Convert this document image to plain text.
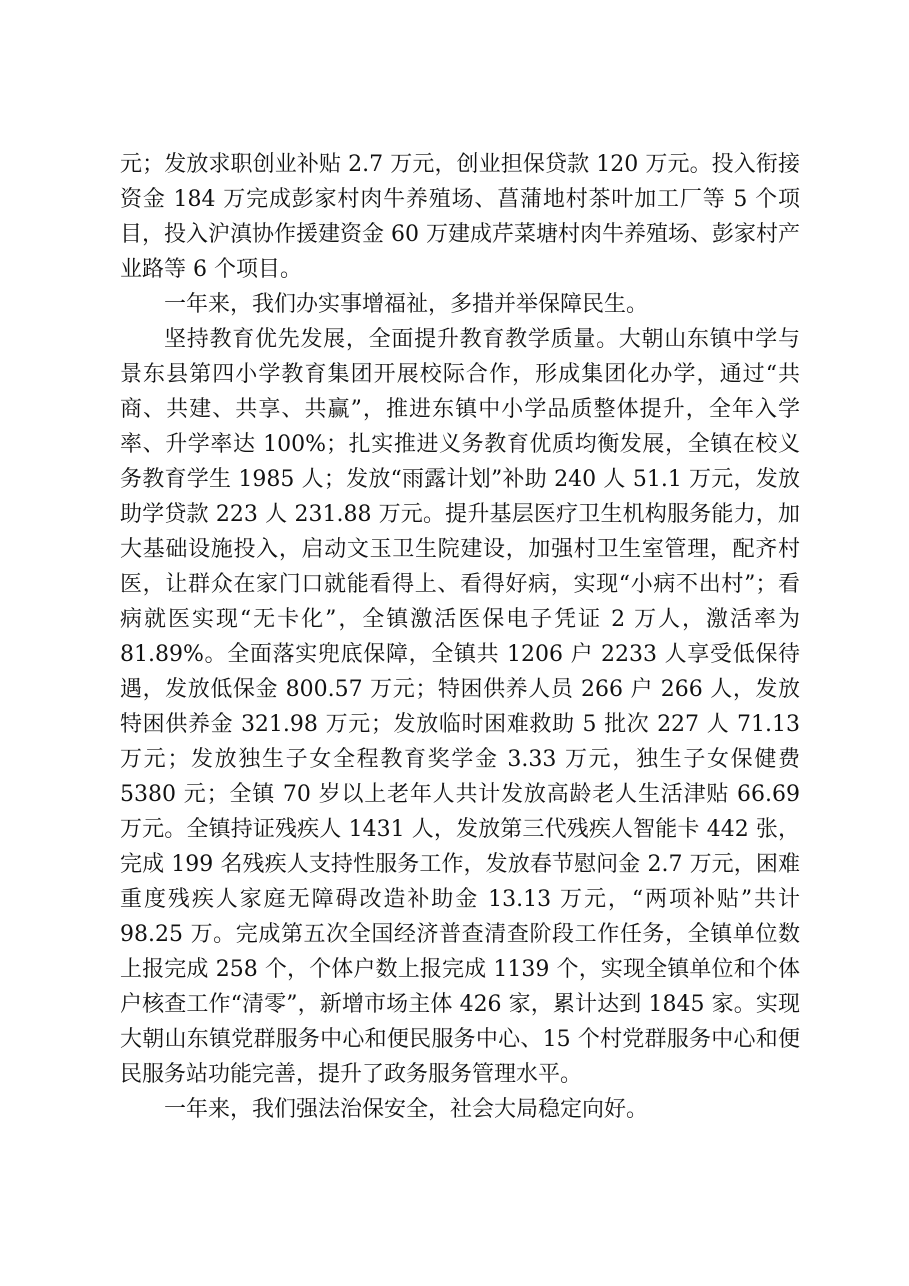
元；发放求职创业补贴 2.7 万元，创业担保贷款 120 万元。投入衔接资金 184 万完成彭家村肉牛养殖场、菖蒲地村茶叶加工厂等 5 个项目，投入沪滇协作援建资金 60 万建成芹菜塘村肉牛养殖场、彭家村产业路等 6 个项目。

一年来，我们办实事增福祉，多措并举保障民生。

坚持教育优先发展，全面提升教育教学质量。大朝山东镇中学与景东县第四小学教育集团开展校际合作，形成集团化办学，通过“共商、共建、共享、共赢”，推进东镇中小学品质整体提升，全年入学率、升学率达 100%；扎实推进义务教育优质均衡发展，全镇在校义务教育学生 1985 人；发放“雨露计划”补助 240 人 51.1 万元，发放助学贷款 223 人 231.88 万元。提升基层医疗卫生机构服务能力，加大基础设施投入，启动文玉卫生院建设，加强村卫生室管理，配齐村医，让群众在家门口就能看得上、看得好病，实现“小病不出村”；看病就医实现“无卡化”，全镇激活医保电子凭证 2 万人，激活率为 81.89%。全面落实兜底保障，全镇共 1206 户 2233 人享受低保待遇，发放低保金 800.57 万元；特困供养人员 266 户 266 人，发放特困供养金 321.98 万元；发放临时困难救助 5 批次 227 人 71.13 万元；发放独生子女全程教育奖学金 3.33 万元，独生子女保健费 5380 元；全镇 70 岁以上老年人共计发放高龄老人生活津贴 66.69 万元。全镇持证残疾人 1431 人，发放第三代残疾人智能卡 442 张，完成 199 名残疾人支持性服务工作，发放春节慰问金 2.7 万元，困难重度残疾人家庭无障碍改造补助金 13.13 万元，“两项补贴”共计 98.25 万。完成第五次全国经济普查清查阶段工作任务，全镇单位数上报完成 258 个，个体户数上报完成 1139 个，实现全镇单位和个体户核查工作“清零”，新增市场主体 426 家，累计达到 1845 家。实现大朝山东镇党群服务中心和便民服务中心、15 个村党群服务中心和便民服务站功能完善，提升了政务服务管理水平。

一年来，我们强法治保安全，社会大局稳定向好。
